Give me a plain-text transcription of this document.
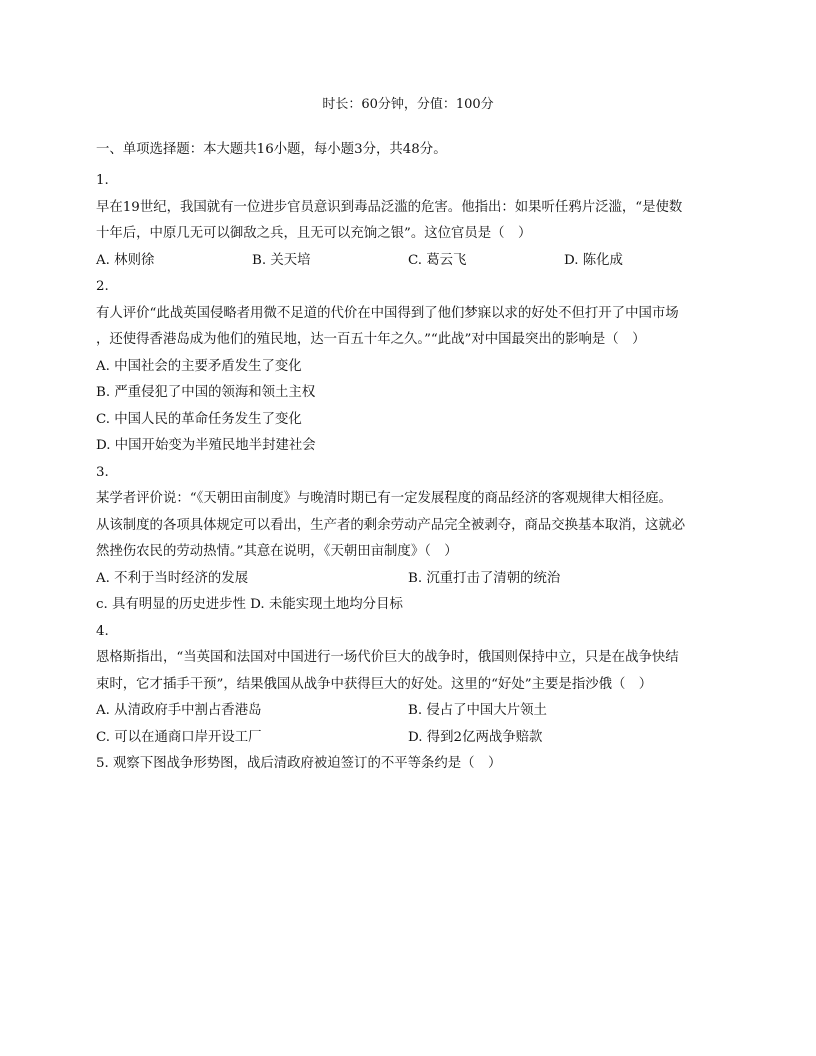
时长：60分钟，分值：100分
一、单项选择题：本大题共16小题，每小题3分，共48分。
1.
早在19世纪，我国就有一位进步官员意识到毒品泛滥的危害。他指出：如果听任鸦片泛滥，“是使数
十年后，中原几无可以御敌之兵，且无可以充饷之银”。这位官员是（　）
A. 林则徐	B. 关天培	C. 葛云飞	D. 陈化成
2.
有人评价“此战英国侵略者用微不足道的代价在中国得到了他们梦寐以求的好处不但打开了中国市场
，还使得香港岛成为他们的殖民地，达一百五十年之久。”“此战”对中国最突出的影响是（　）
A. 中国社会的主要矛盾发生了变化
B. 严重侵犯了中国的领海和领土主权
C. 中国人民的革命任务发生了变化
D. 中国开始变为半殖民地半封建社会
3.
某学者评价说：“《天朝田亩制度》与晚清时期已有一定发展程度的商品经济的客观规律大相径庭。
从该制度的各项具体规定可以看出，生产者的剩余劳动产品完全被剥夺，商品交换基本取消，这就必
然挫伤农民的劳动热情。”其意在说明，《天朝田亩制度》（　）
A. 不利于当时经济的发展	B. 沉重打击了清朝的统治
c. 具有明显的历史进步性 D. 未能实现土地均分目标
4.
恩格斯指出，“当英国和法国对中国进行一场代价巨大的战争时，俄国则保持中立，只是在战争快结
束时，它才插手干预”，结果俄国从战争中获得巨大的好处。这里的“好处”主要是指沙俄（　）
A. 从清政府手中割占香港岛	B. 侵占了中国大片领土
C. 可以在通商口岸开设工厂	D. 得到2亿两战争赔款
5. 观察下图战争形势图，战后清政府被迫签订的不平等条约是（　）
